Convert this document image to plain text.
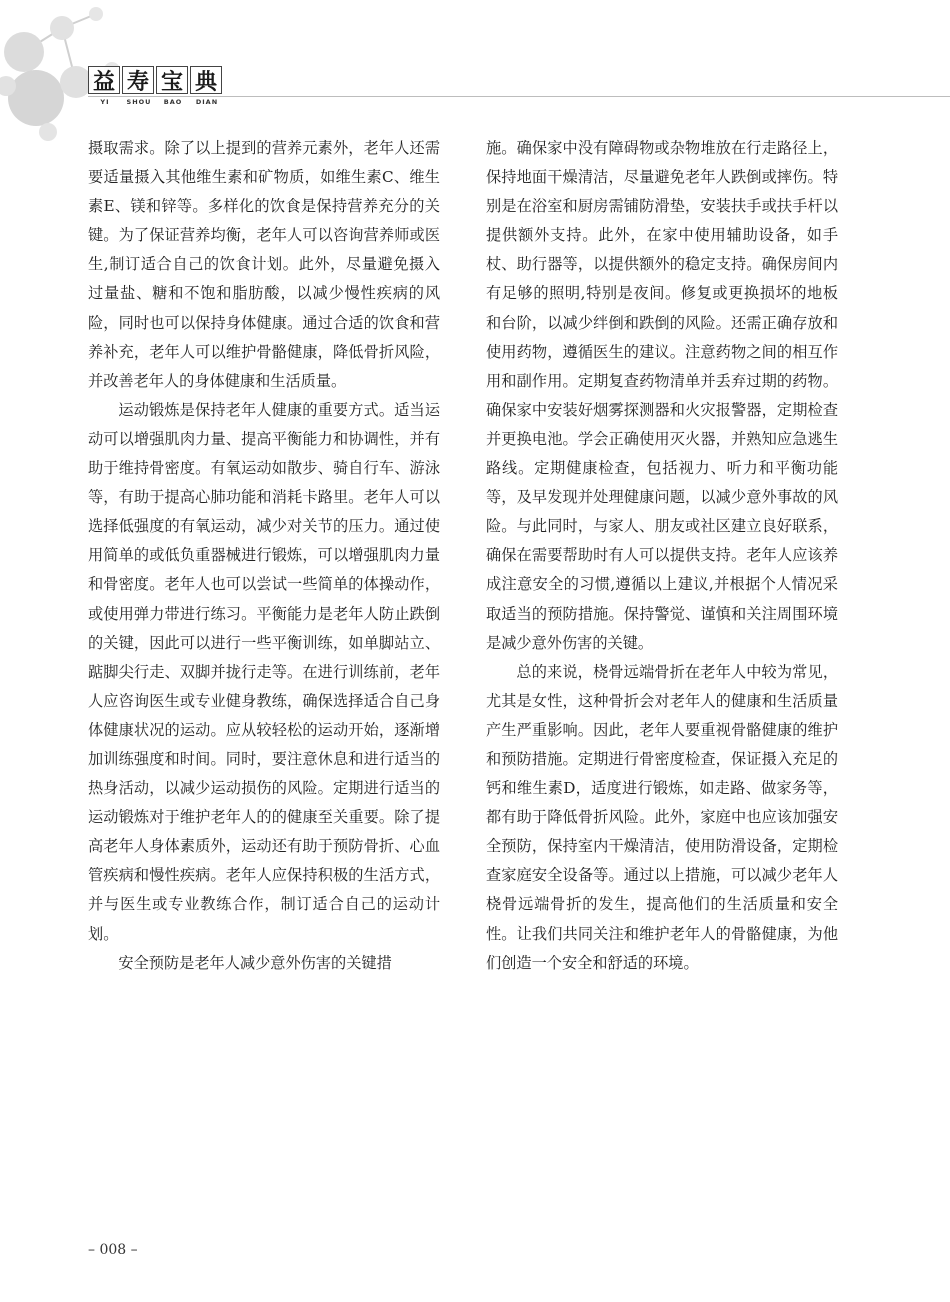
益 寿 宝 典
YI	SHOU	BAO	DIAN

摄取需求。除了以上提到的营养元素外，老年人还需要适量摄入其他维生素和矿物质，如维生素C、维生素E、镁和锌等。多样化的饮食是保持营养充分的关键。为了保证营养均衡，老年人可以咨询营养师或医生,制订适合自己的饮食计划。此外，尽量避免摄入过量盐、糖和不饱和脂肪酸，以减少慢性疾病的风险，同时也可以保持身体健康。通过合适的饮食和营养补充，老年人可以维护骨骼健康，降低骨折风险，并改善老年人的身体健康和生活质量。

运动锻炼是保持老年人健康的重要方式。适当运动可以增强肌肉力量、提高平衡能力和协调性，并有助于维持骨密度。有氧运动如散步、骑自行车、游泳等，有助于提高心肺功能和消耗卡路里。老年人可以选择低强度的有氧运动，减少对关节的压力。通过使用简单的或低负重器械进行锻炼，可以增强肌肉力量和骨密度。老年人也可以尝试一些简单的体操动作，或使用弹力带进行练习。平衡能力是老年人防止跌倒的关键，因此可以进行一些平衡训练，如单脚站立、踮脚尖行走、双脚并拢行走等。在进行训练前，老年人应咨询医生或专业健身教练，确保选择适合自己身体健康状况的运动。应从较轻松的运动开始，逐渐增加训练强度和时间。同时，要注意休息和进行适当的热身活动，以减少运动损伤的风险。定期进行适当的运动锻炼对于维护老年人的的健康至关重要。除了提高老年人身体素质外，运动还有助于预防骨折、心血管疾病和慢性疾病。老年人应保持积极的生活方式，并与医生或专业教练合作，制订适合自己的运动计划。

安全预防是老年人减少意外伤害的关键措

施。确保家中没有障碍物或杂物堆放在行走路径上，保持地面干燥清洁，尽量避免老年人跌倒或摔伤。特别是在浴室和厨房需铺防滑垫，安装扶手或扶手杆以提供额外支持。此外，在家中使用辅助设备，如手杖、助行器等，以提供额外的稳定支持。确保房间内有足够的照明,特别是夜间。修复或更换损坏的地板和台阶，以减少绊倒和跌倒的风险。还需正确存放和使用药物，遵循医生的建议。注意药物之间的相互作用和副作用。定期复查药物清单并丢弃过期的药物。确保家中安装好烟雾探测器和火灾报警器，定期检查并更换电池。学会正确使用灭火器，并熟知应急逃生路线。定期健康检查，包括视力、听力和平衡功能等，及早发现并处理健康问题，以减少意外事故的风险。与此同时，与家人、朋友或社区建立良好联系，确保在需要帮助时有人可以提供支持。老年人应该养成注意安全的习惯,遵循以上建议,并根据个人情况采取适当的预防措施。保持警觉、谨慎和关注周围环境是减少意外伤害的关键。

总的来说，桡骨远端骨折在老年人中较为常见，尤其是女性，这种骨折会对老年人的健康和生活质量产生严重影响。因此，老年人要重视骨骼健康的维护和预防措施。定期进行骨密度检查，保证摄入充足的钙和维生素D，适度进行锻炼，如走路、做家务等，都有助于降低骨折风险。此外，家庭中也应该加强安全预防，保持室内干燥清洁，使用防滑设备，定期检查家庭安全设备等。通过以上措施，可以减少老年人桡骨远端骨折的发生，提高他们的生活质量和安全性。让我们共同关注和维护老年人的骨骼健康，为他们创造一个安全和舒适的环境。

– 008 –
